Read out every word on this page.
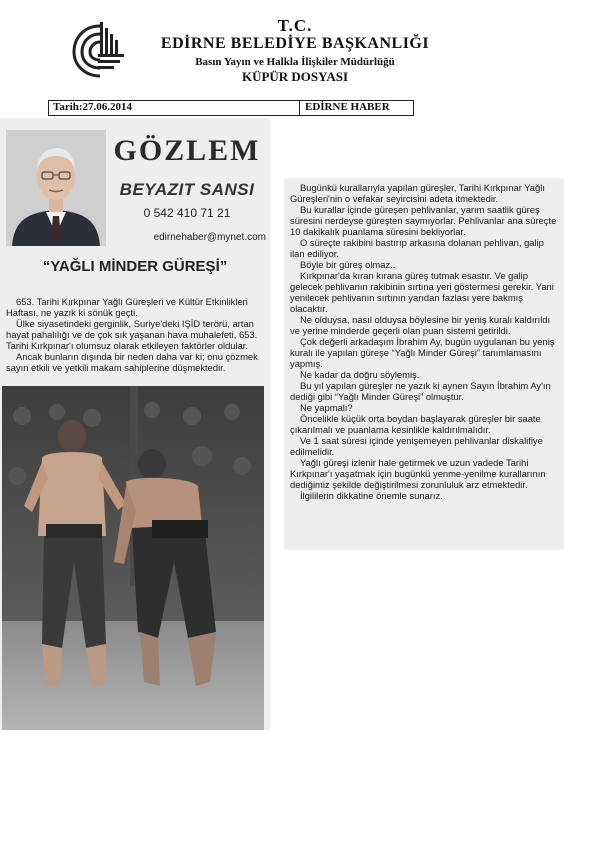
T.C.
EDİRNE BELEDİYE BAŞKANLIĞI
Basın Yayın ve Halkla İlişkiler Müdürlüğü
KÜPÜR DOSYASI
Tarih:27.06.2014	EDİRNE HABER
GÖZLEM
BEYAZIT SANSI
0 542 410 71 21
edirnehaber@mynet.com
“YAĞLI MİNDER GÜREŞİ”

653. Tarihi Kırkpınar Yağlı Güreşleri ve Kültür Etkinlikleri Haftası, ne yazık ki sönük geçti.

Ülke siyasetindeki gerginlik, Suriye'deki IŞİD terörü, artan hayat pahalılığı ve de çok sık yaşanan hava muhalefeti, 653. Tarihi Kırkpınar'ı olumsuz olarak etkileyen faktörler oldular.

Ancak bunların dışında bir neden daha var ki; onu çözmek sayın etkili ve yetkili makam sahiplerine düşmektedir.

Bugünkü kurallarıyla yapılan güreşler, Tarihi Kırkpınar Yağlı Güreşleri'nin o vefakar seyircisini adeta itmektedir.

Bu kurallar içinde güreşen pehlivanlar, yarım saatlik güreş süresini nerdeyse güreşten saymıyorlar. Pehlivanlar ana süreçte 10 dakikalık puanlama süresini bekliyorlar.

O süreçte rakibini bastırıp arkasına dolanan pehlivan, galip ilan ediliyor.

Böyle bir güreş olmaz..

Kırkpınar'da kıran kırana güreş tutmak esastır. Ve galip gelecek pehlivanın rakibinin sırtına yeri göstermesi gerekir. Yani yenilecek pehlivanın sırtının yarıdan fazlası yere bakmış olacaktır.

Ne olduysa, nasıl olduysa böylesine bir yeniş kuralı kaldırıldı ve yerine minderde geçerli olan puan sistemi getirildi.

Çok değerli arkadaşım İbrahim Ay, bugün uygulanan bu yeniş kuralı ile yapılan güreşe “Yağlı Minder Güreşi” tanımlamasını yapmış.

Ne kadar da doğru söylemiş.

Bu yıl yapılan güreşler ne yazık ki aynen Sayın İbrahim Ay'ın dediği gibi “Yağlı Minder Güreşi” olmuştur.

Ne yapmalı?

Öncelikle küçük orta boydan başlayarak güreşler bir saate çıkarılmalı ve puanlama kesinlikle kaldırılmalıdır.

Ve 1 saat süresi içinde yenişemeyen pehlivanlar diskalifiye edilmelidir.

Yağlı güreşi izlenir hale getirmek ve uzun vadede Tarihi Kırkpınar'ı yaşatmak için bugünkü yenme-yenilme kurallarının dediğimiz şekilde değiştirilmesi zorunluluk arz etmektedir.

İlgililerin dikkatine önemle sunarız.
